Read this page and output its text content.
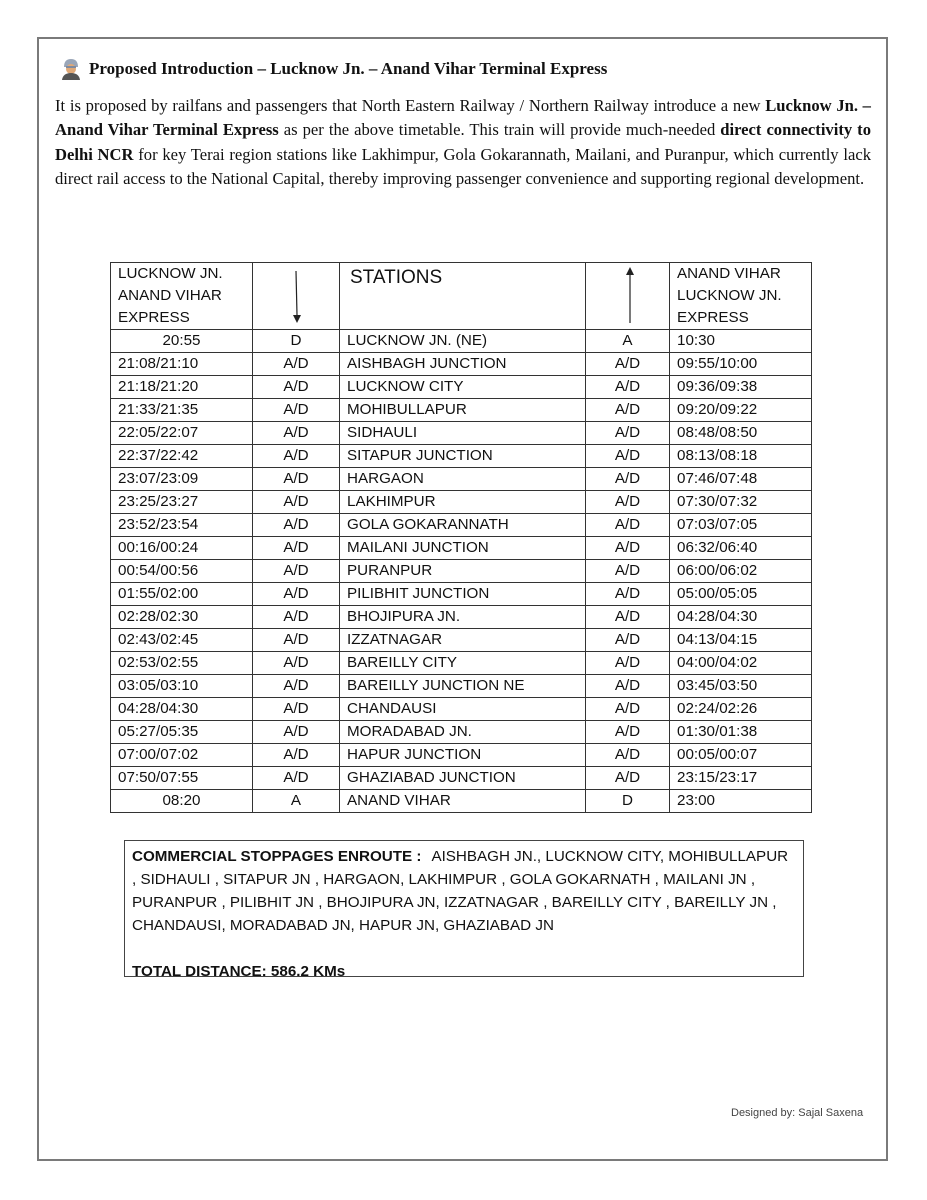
Proposed Introduction – Lucknow Jn. – Anand Vihar Terminal Express

It is proposed by railfans and passengers that North Eastern Railway / Northern Railway introduce a new Lucknow Jn. – Anand Vihar Terminal Express as per the above timetable. This train will provide much-needed direct connectivity to Delhi NCR for key Terai region stations like Lakhimpur, Gola Gokarannath, Mailani, and Puranpur, which currently lack direct rail access to the National Capital, thereby improving passenger convenience and supporting regional development.

LUCKNOW JN. ANAND VIHAR EXPRESS		STATIONS		ANAND VIHAR LUCKNOW JN. EXPRESS

20:55	D	LUCKNOW JN. (NE)	A	10:30
21:08/21:10	A/D	AISHBAGH JUNCTION	A/D	09:55/10:00
21:18/21:20	A/D	LUCKNOW CITY	A/D	09:36/09:38
21:33/21:35	A/D	MOHIBULLAPUR	A/D	09:20/09:22
22:05/22:07	A/D	SIDHAULI	A/D	08:48/08:50
22:37/22:42	A/D	SITAPUR JUNCTION	A/D	08:13/08:18
23:07/23:09	A/D	HARGAON	A/D	07:46/07:48
23:25/23:27	A/D	LAKHIMPUR	A/D	07:30/07:32
23:52/23:54	A/D	GOLA GOKARANNATH	A/D	07:03/07:05
00:16/00:24	A/D	MAILANI JUNCTION	A/D	06:32/06:40
00:54/00:56	A/D	PURANPUR	A/D	06:00/06:02
01:55/02:00	A/D	PILIBHIT JUNCTION	A/D	05:00/05:05
02:28/02:30	A/D	BHOJIPURA JN.	A/D	04:28/04:30
02:43/02:45	A/D	IZZATNAGAR	A/D	04:13/04:15
02:53/02:55	A/D	BAREILLY CITY	A/D	04:00/04:02
03:05/03:10	A/D	BAREILLY JUNCTION NE	A/D	03:45/03:50
04:28/04:30	A/D	CHANDAUSI	A/D	02:24/02:26
05:27/05:35	A/D	MORADABAD JN.	A/D	01:30/01:38
07:00/07:02	A/D	HAPUR JUNCTION	A/D	00:05/00:07
07:50/07:55	A/D	GHAZIABAD JUNCTION	A/D	23:15/23:17
08:20	A	ANAND VIHAR	D	23:00
COMMERCIAL STOPPAGES ENROUTE : AISHBAGH JN., LUCKNOW CITY, MOHIBULLAPUR , SIDHAULI , SITAPUR JN , HARGAON, LAKHIMPUR , GOLA GOKARNATH , MAILANI JN , PURANPUR , PILIBHIT JN , BHOJIPURA JN, IZZATNAGAR , BAREILLY CITY , BAREILLY JN , CHANDAUSI, MORADABAD JN, HAPUR JN, GHAZIABAD JN
TOTAL DISTANCE: 586.2 KMs
Designed by: Sajal Saxena
